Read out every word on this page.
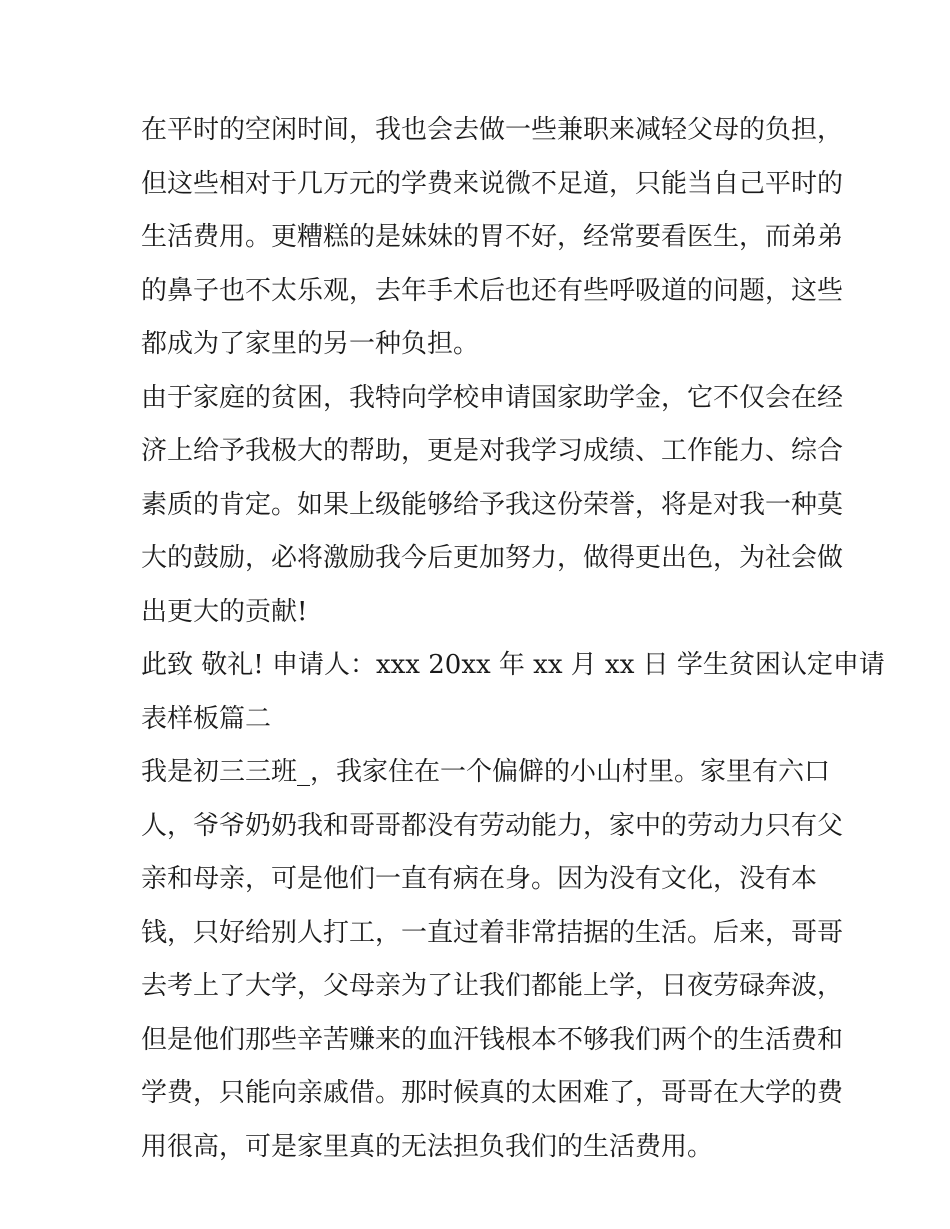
在平时的空闲时间，我也会去做一些兼职来减轻父母的负担，
但这些相对于几万元的学费来说微不足道，只能当自己平时的
生活费用。更糟糕的是妹妹的胃不好，经常要看医生，而弟弟
的鼻子也不太乐观，去年手术后也还有些呼吸道的问题，这些
都成为了家里的另一种负担。
由于家庭的贫困，我特向学校申请国家助学金，它不仅会在经
济上给予我极大的帮助，更是对我学习成绩、工作能力、综合
素质的肯定。如果上级能够给予我这份荣誉，将是对我一种莫
大的鼓励，必将激励我今后更加努力，做得更出色，为社会做
出更大的贡献!
此致 敬礼! 申请人：xxx 20xx 年 xx 月 xx 日 学生贫困认定申请
表样板篇二
我是初三三班_，我家住在一个偏僻的小山村里。家里有六口
人，爷爷奶奶我和哥哥都没有劳动能力，家中的劳动力只有父
亲和母亲，可是他们一直有病在身。因为没有文化，没有本
钱，只好给别人打工，一直过着非常拮据的生活。后来，哥哥
去考上了大学，父母亲为了让我们都能上学，日夜劳碌奔波，
但是他们那些辛苦赚来的血汗钱根本不够我们两个的生活费和
学费，只能向亲戚借。那时候真的太困难了，哥哥在大学的费
用很高，可是家里真的无法担负我们的生活费用。
